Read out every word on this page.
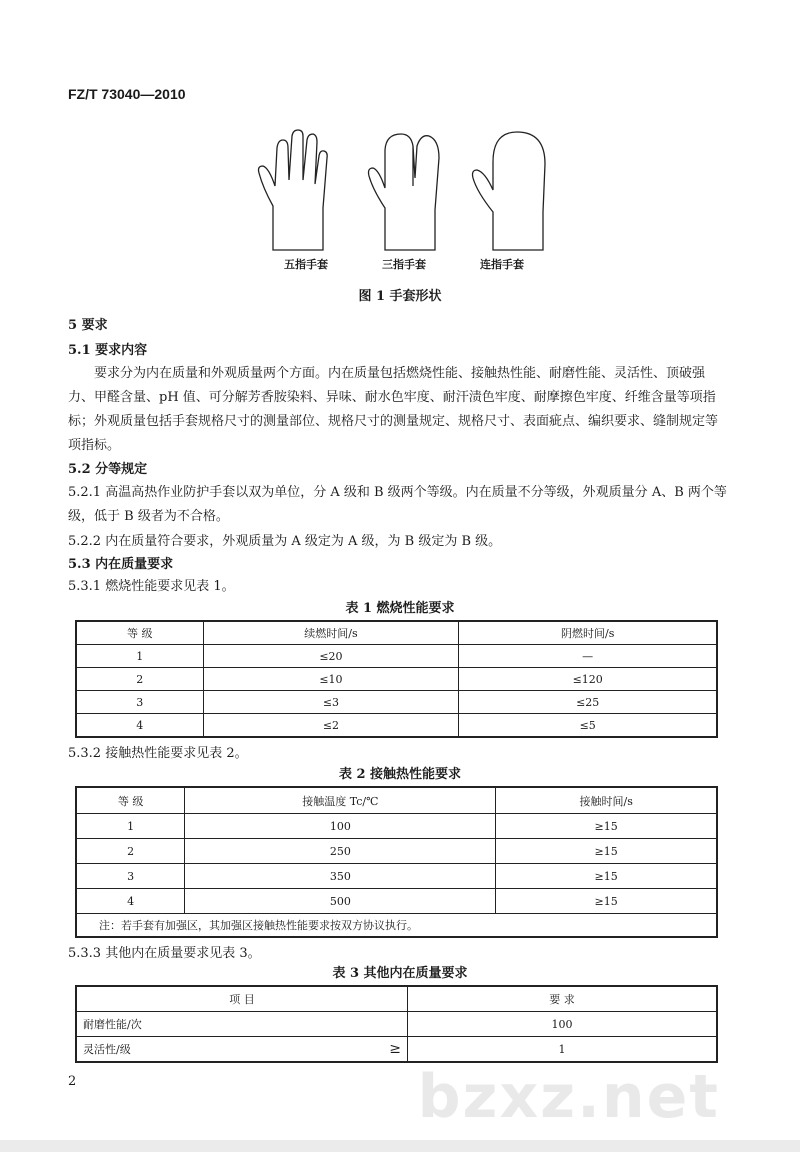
FZ/T 73040—2010
五指手套	三指手套	连指手套
图 1 手套形状
5 要求
5.1 要求内容
要求分为内在质量和外观质量两个方面。内在质量包括燃烧性能、接触热性能、耐磨性能、灵活性、顶破强力、甲醛含量、pH 值、可分解芳香胺染料、异味、耐水色牢度、耐汗渍色牢度、耐摩擦色牢度、纤维含量等项指标；外观质量包括手套规格尺寸的测量部位、规格尺寸的测量规定、规格尺寸、表面疵点、编织要求、缝制规定等项指标。
5.2 分等规定
5.2.1 高温高热作业防护手套以双为单位，分 A 级和 B 级两个等级。内在质量不分等级，外观质量分 A、B 两个等级，低于 B 级者为不合格。
5.2.2 内在质量符合要求，外观质量为 A 级定为 A 级，为 B 级定为 B 级。
5.3 内在质量要求
5.3.1 燃烧性能要求见表 1。
表 1 燃烧性能要求
等 级	续燃时间/s	阴燃时间/s
1	≤20	—
2	≤10	≤120
3	≤3	≤25
4	≤2	≤5
5.3.2 接触热性能要求见表 2。
表 2 接触热性能要求
等 级	接触温度 Tc/℃	接触时间/s
1	100	≥15
2	250	≥15
3	350	≥15
4	500	≥15
注：若手套有加强区，其加强区接触热性能要求按双方协议执行。		
5.3.3 其他内在质量要求见表 3。
表 3 其他内在质量要求
项 目	要 求
耐磨性能/次	100
灵活性/级 ≥	1
2	bzxz.net
